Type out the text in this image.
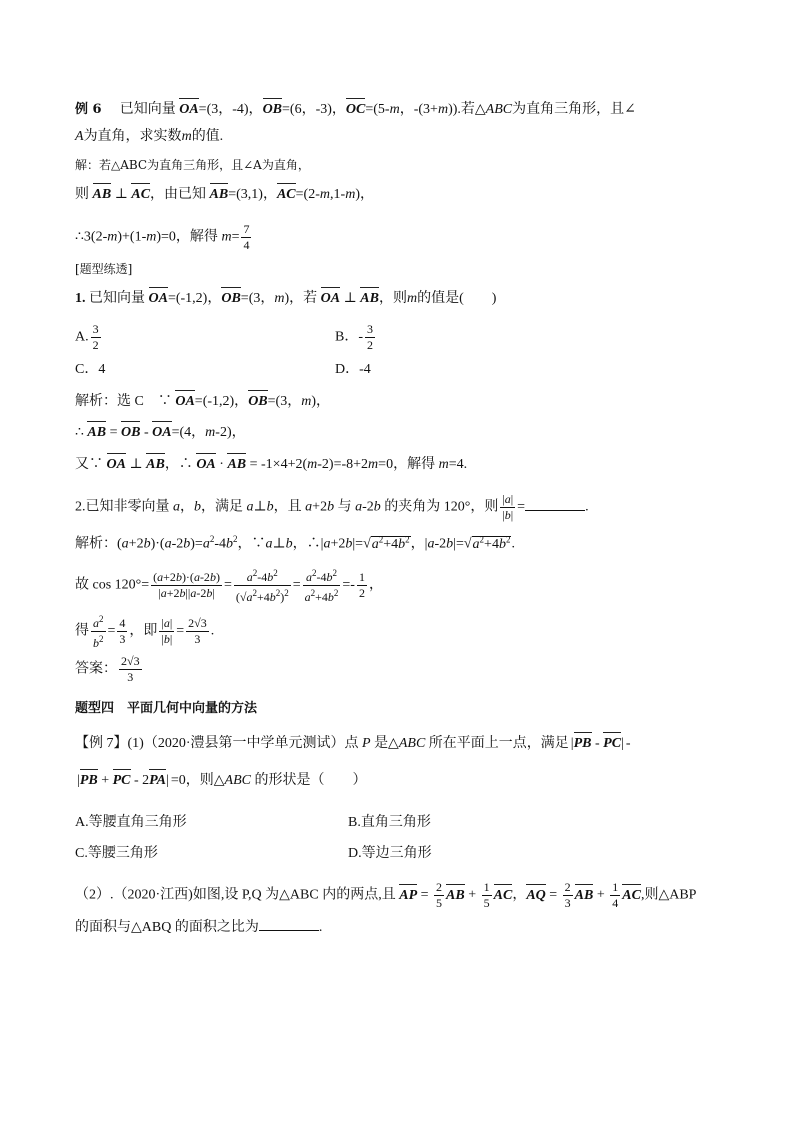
例 6 　已知向量 OA=(3，-4)，OB=(6，-3)，OC=(5-m，-(3+m)).若△ABC为直角三角形，且∠
A为直角，求实数m的值.
解：若△ABC为直角三角形，且∠A为直角，
则 AB ⊥ AC，由已知 AB=(3,1)，AC=(2-m,1-m)，
∴3(2-m)+(1-m)=0，解得 $m= \frac{7}{4}$
[题型练透]
1. 已知向量 OA=(-1,2)，OB=(3，m)，若 OA ⊥ AB，则m的值是(　　)
A. $\frac{3}{2}$	B．- $\frac{3}{2}$
C．4	D．-4
解析：选 C　∵ OA=(-1,2)，OB=(3，m)，
∴ AB = OB - OA=(4，m-2)，
又∵ OA ⊥ AB，∴ OA · AB = -1×4+2(m-2)=-8+2m=0，解得 m=4.
2.已知非零向量 a，b，满足 a⊥b，且 a+2b 与 a-2b 的夹角为 120°，则 $\frac{|a|}{|b|}$ =	.
解析：$(a+2b)\cdot(a-2b)=a^2-4b^2$，∵a⊥b，$\therefore|a+2b|=√a^2+4b^2$，$|a-2b|=√a^2+4b^2$.
故 $\cos 120^\circ= \frac{(a+2b)\cdot(a-2b)}{|a+2b||a-2b|} = \frac{a^2-4b^2}{(√a^2+4b^2)^2} = \frac{a^2-4b^2}{a^2+4b^2} =- \frac{1}{2}$ ，
得 $\frac{a^2}{b^2} = \frac{4}{3}$ ，即 $\frac{|a|}{|b|} = \frac{2√3}{3}$ .
答案： $\frac{2√3}{3}$
题型四　平面几何中向量的方法
【例 7】(1)（2020·澧县第一中学单元测试）点 P 是△ABC 所在平面上一点，满足 |PB - PC| -
|PB + PC - 2PA| =0，则△ABC 的形状是（　　）
A.等腰直角三角形	B.直角三角形
C.等腰三角形	D.等边三角形
（2）.（2020·江西)如图,设 P,Q 为△ABC 内的两点,且 AP = $\frac{2}{5}$ AB + $\frac{1}{5}$ AC，AQ = $\frac{2}{3}$ AB + $\frac{1}{4}$ AC,则△ABP
的面积与△ABQ 的面积之比为	.
